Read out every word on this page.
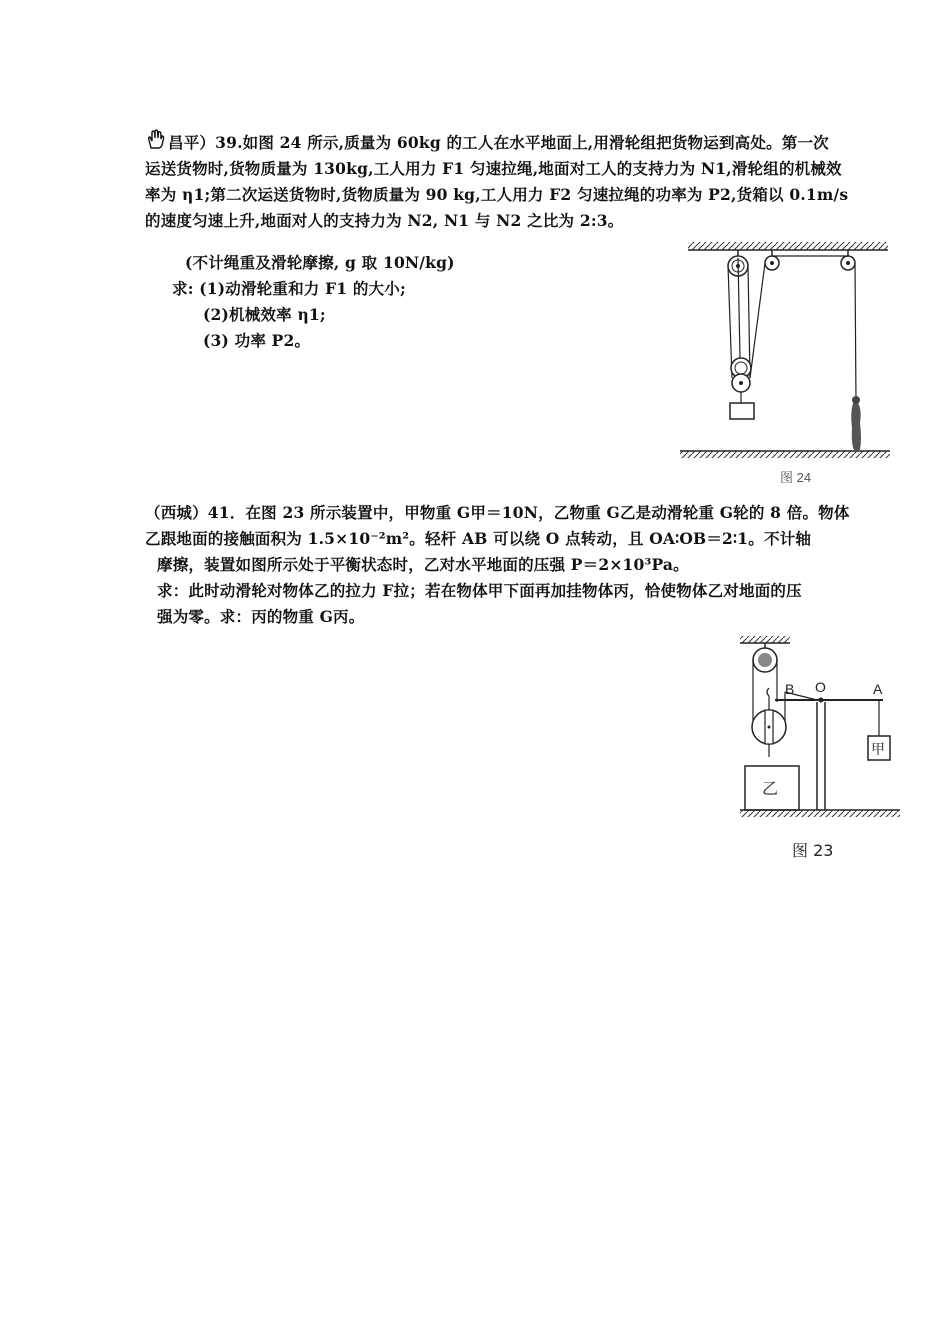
昌平）39.如图 24 所示,质量为 60kg 的工人在水平地面上,用滑轮组把货物运到高处。第一次
运送货物时,货物质量为 130kg,工人用力 F1 匀速拉绳,地面对工人的支持力为 N1,滑轮组的机械效
率为 η1;第二次运送货物时,货物质量为 90 kg,工人用力 F2 匀速拉绳的功率为 P2,货箱以 0.1m/s
的速度匀速上升,地面对人的支持力为 N2, N1 与 N2 之比为 2:3。
(不计绳重及滑轮摩擦, g 取 10N/kg)
求: (1)动滑轮重和力 F1 的大小;
(2)机械效率 η1;
(3) 功率 P2。
图 24
（西城）41．在图 23 所示装置中，甲物重 G甲＝10N，乙物重 G乙是动滑轮重 G轮的 8 倍。物体
乙跟地面的接触面积为 1.5×10⁻²m²。轻杆 AB 可以绕 O 点转动，且 OA∶OB＝2∶1。不计轴
摩擦，装置如图所示处于平衡状态时，乙对水平地面的压强 P＝2×10³Pa。
求：此时动滑轮对物体乙的拉力 F拉；若在物体甲下面再加挂物体丙，恰使物体乙对地面的压
强为零。求：丙的物重 G丙。
乙
B O	A
甲
图 23
